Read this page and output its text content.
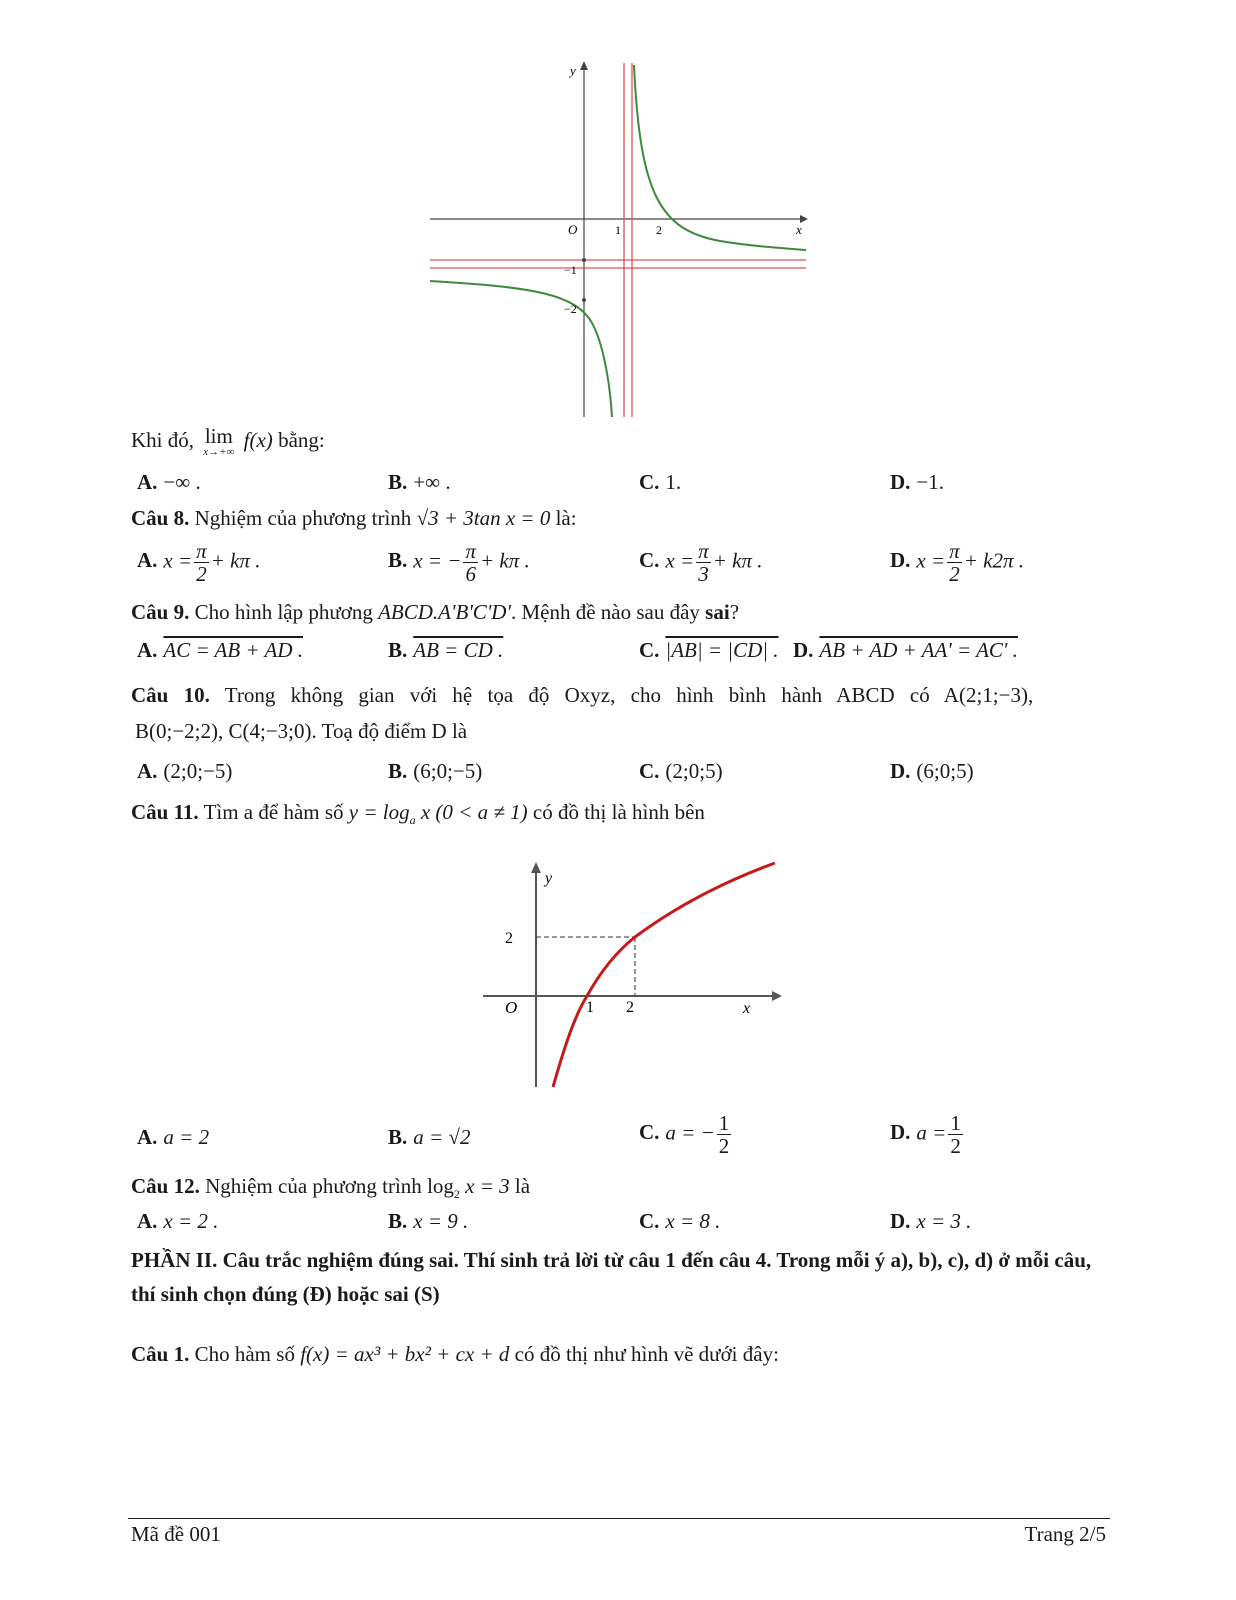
y
x
O	1	2
−1
−2
Khi đó, lim
x→+∞
f(x) bằng:
A. −∞ .	B. +∞ .	C. 1.	D. −1.
Câu 8. Nghiệm của phương trình √3 + 3tan x = 0 là:
A. $x = \frac{\pi}{2} + k\pi$ .	B. x = − $\frac{\pi}{6} + k\pi$ .	C. $x = \frac{\pi}{3} + k\pi$ .	D. $x = \frac{\pi}{2} + k2\pi$ .
Câu 9. Cho hình lập phương ABCD.A'B'C'D'. Mệnh đề nào sau đây sai?
A. AC = AB + AD .	B. AB = CD .	C. |AB| = |CD| . D. AB + AD + AA' = AC' .
Câu 10. Trong không gian với hệ tọa độ Oxyz, cho hình bình hành ABCD có A(2;1;−3),
B(0;−2;2), C(4;−3;0). Toạ độ điểm D là
A. (2;0;−5)	B. (6;0;−5)	C. (2;0;5)	D. (6;0;5)
Câu 11. Tìm a để hàm số $y = \log_a x$ (0 < a ≠ 1) có đồ thị là hình bên
y
x
O
2
1 2
A. a = 2	B. a = √2	C. a = − $\frac{1}{2}$	D. $a = \frac{1}{2}$
Câu 12. Nghiệm của phương trình $\log_2 x = 3$ là
A. x = 2 .	B. x = 9 .	C. x = 8 .	D. x = 3 .
PHẦN II. Câu trắc nghiệm đúng sai. Thí sinh trả lời từ câu 1 đến câu 4. Trong mỗi ý a), b), c), d) ở mỗi câu, thí sinh chọn đúng (Đ) hoặc sai (S)
Câu 1. Cho hàm số f(x) = ax³ + bx² + cx + d có đồ thị như hình vẽ dưới đây:
Mã đề 001	Trang 2/5
